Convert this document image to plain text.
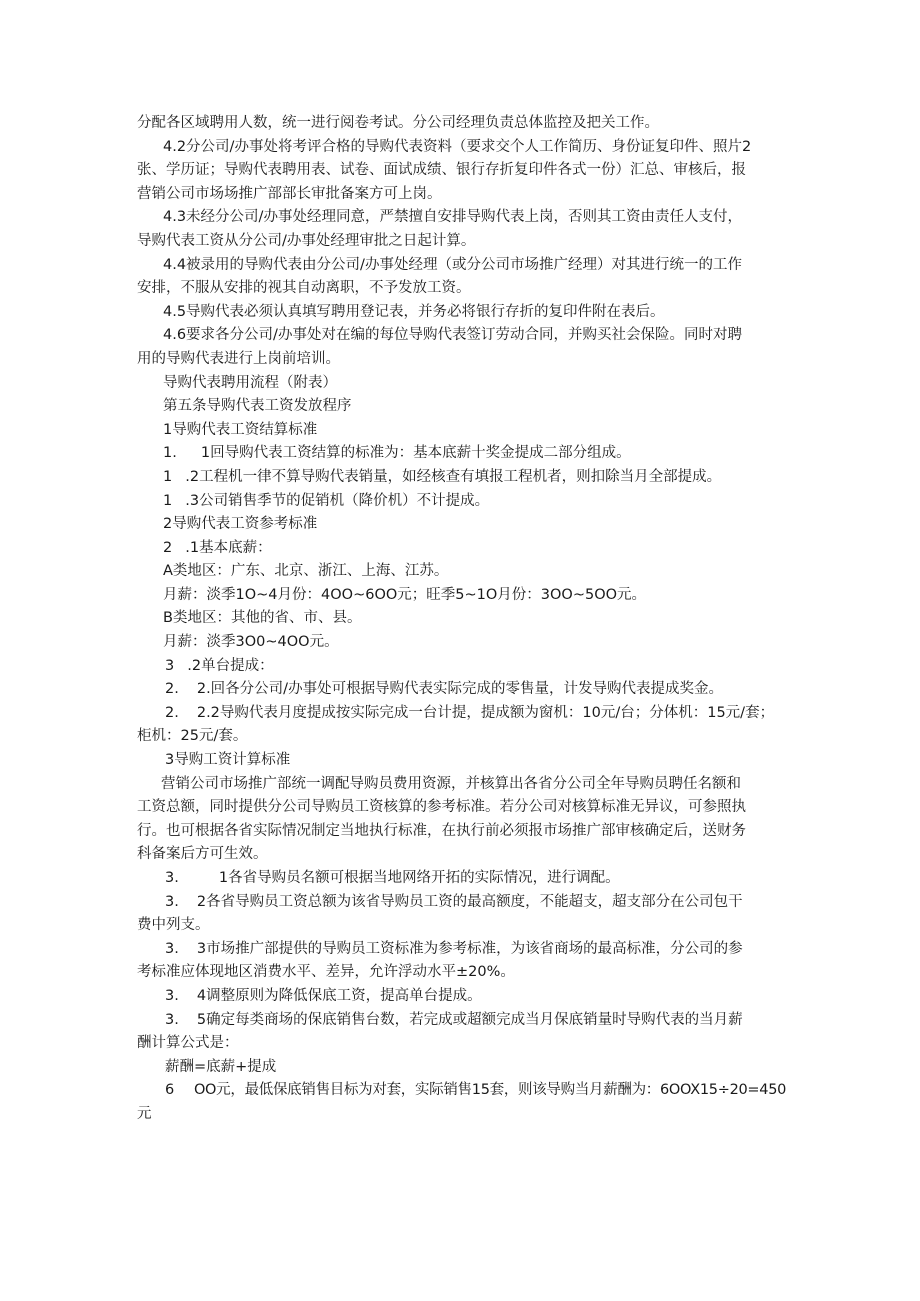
分配各区域聘用人数，统一进行阅卷考试。分公司经理负责总体监控及把关工作。
4.2分公司/办事处将考评合格的导购代表资料（要求交个人工作简历、身份证复印件、照片2
张、学历证；导购代表聘用表、试卷、面试成绩、银行存折复印件各式一份）汇总、审核后，报
营销公司市场场推广部部长审批备案方可上岗。
4.3未经分公司/办事处经理同意，严禁擅自安排导购代表上岗，否则其工资由责任人支付，
导购代表工资从分公司/办事处经理审批之日起计算。
4.4被录用的导购代表由分公司/办事处经理（或分公司市场推广经理）对其进行统一的工作
安排，不服从安排的视其自动离职，不予发放工资。
4.5导购代表必须认真填写聘用登记表，并务必将银行存折的复印件附在表后。
4.6要求各分公司/办事处对在编的每位导购代表签订劳动合同，并购买社会保险。同时对聘
用的导购代表进行上岗前培训。
导购代表聘用流程（附表）
第五条导购代表工资发放程序
1导购代表工资结算标准
1. 1回导购代表工资结算的标准为：基本底薪十奖金提成二部分组成。
1 .2工程机一律不算导购代表销量，如经核查有填报工程机者，则扣除当月全部提成。
1 .3公司销售季节的促销机（降价机）不计提成。
2导购代表工资参考标准
2 .1基本底薪：
A类地区：广东、北京、浙江、上海、江苏。
月薪：淡季1O~4月份：4OO~6OO元；旺季5~1O月份：3OO~5OO元。
B类地区：其他的省、市、县。
月薪：淡季3O0~4OO元。
3 .2单台提成：
2. 2.回各分公司/办事处可根据导购代表实际完成的零售量，计发导购代表提成奖金。
2. 2.2导购代表月度提成按实际完成一台计提，提成额为窗机：10元/台；分体机：15元/套；
柜机：25元/套。
3导购工资计算标准
营销公司市场推广部统一调配导购员费用资源，并核算出各省分公司全年导购员聘任名额和
工资总额，同时提供分公司导购员工资核算的参考标准。若分公司对核算标准无异议，可参照执
行。也可根据各省实际情况制定当地执行标准，在执行前必须报市场推广部审核确定后，送财务
科备案后方可生效。
3.	1各省导购员名额可根据当地网络开拓的实际情况，进行调配。
3. 2各省导购员工资总额为该省导购员工资的最高额度，不能超支，超支部分在公司包干
费中列支。
3. 3市场推广部提供的导购员工资标准为参考标准，为该省商场的最高标准，分公司的参
考标准应体现地区消费水平、差异，允许浮动水平±20%。
3. 4调整原则为降低保底工资，提高单台提成。
3. 5确定每类商场的保底销售台数，若完成或超额完成当月保底销量时导购代表的当月薪
酬计算公式是：
薪酬=底薪+提成
6 OO元，最低保底销售目标为对套，实际销售15套，则该导购当月薪酬为：6OOX15÷20=450
元
